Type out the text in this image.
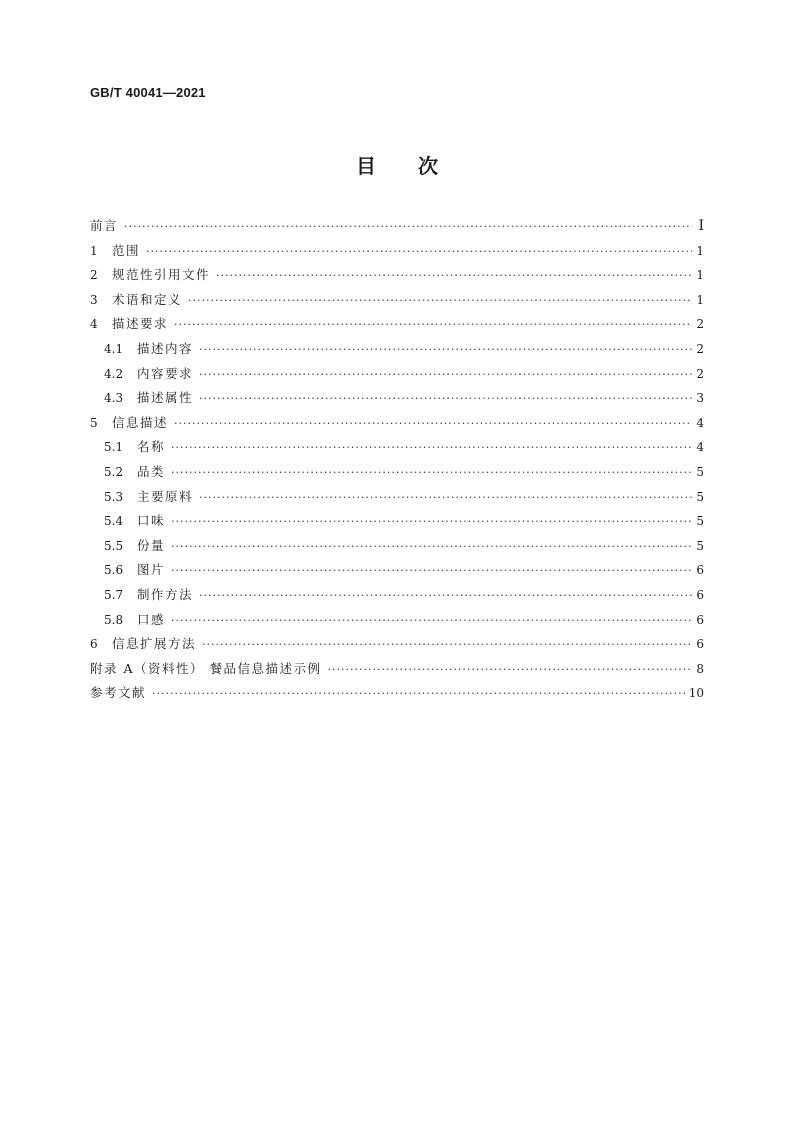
GB/T 40041—2021
目 次
前言 ·····	I
1	范围 ·····	1
2	规范性引用文件 ·····	1
3	术语和定义 ·····	1
4	描述要求 ·····	2
4.1	描述内容 ·····	2
4.2	内容要求 ·····	2
4.3	描述属性 ·····	3
5	信息描述 ·····	4
5.1	名称 ·····	4
5.2	品类 ·····	5
5.3	主要原料 ·····	5
5.4	口味 ·····	5
5.5	份量 ·····	5
5.6	图片 ·····	6
5.7	制作方法 ·····	6
5.8	口感 ·····	6
6	信息扩展方法 ·····	6
附录 A（资料性） 餐品信息描述示例 ·····	8
参考文献 ·····	10
